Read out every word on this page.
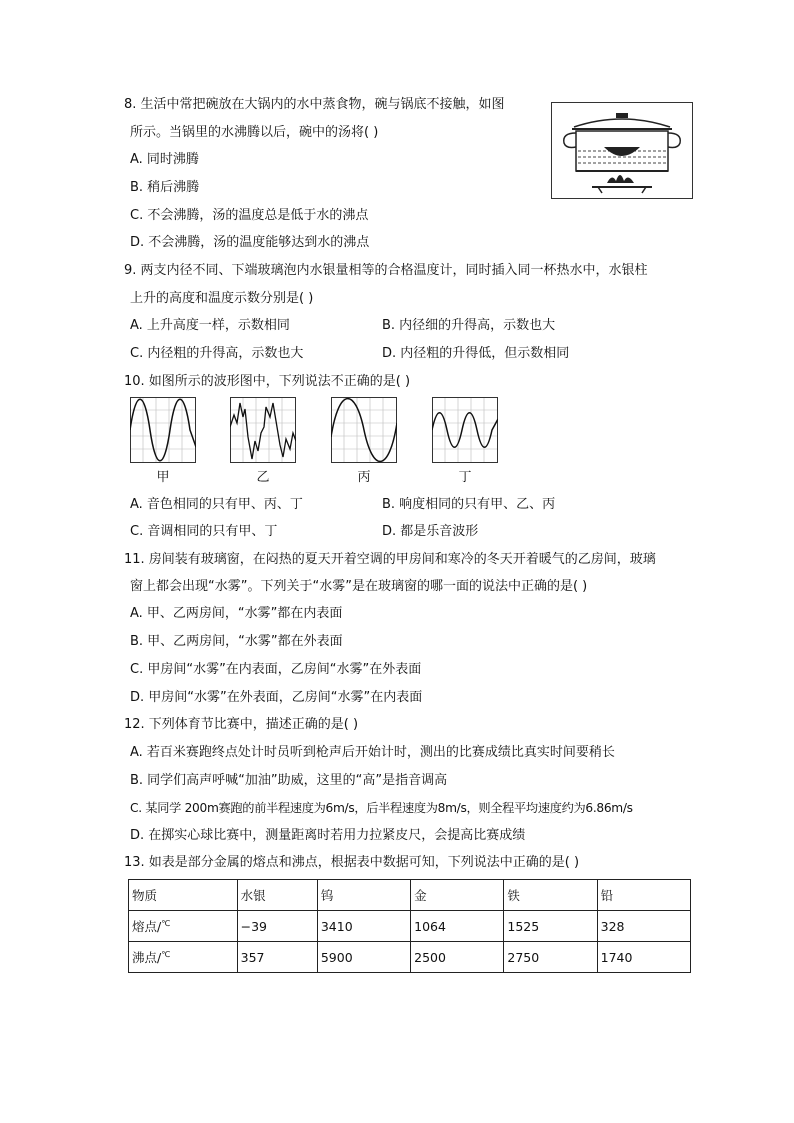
8. 生活中常把碗放在大锅内的水中蒸食物，碗与锅底不接触，如图
所示。当锅里的水沸腾以后，碗中的汤将( )
A. 同时沸腾
B. 稍后沸腾
C. 不会沸腾，汤的温度总是低于水的沸点
D. 不会沸腾，汤的温度能够达到水的沸点
9. 两支内径不同、下端玻璃泡内水银量相等的合格温度计，同时插入同一杯热水中，水银柱
上升的高度和温度示数分别是( )
A. 上升高度一样，示数相同	B. 内径细的升得高，示数也大
C. 内径粗的升得高，示数也大	D. 内径粗的升得低，但示数相同
10. 如图所示的波形图中，下列说法不正确的是( )
甲	乙	丙	丁
A. 音色相同的只有甲、丙、丁	B. 响度相同的只有甲、乙、丙
C. 音调相同的只有甲、丁	D. 都是乐音波形
11. 房间装有玻璃窗，在闷热的夏天开着空调的甲房间和寒冷的冬天开着暖气的乙房间，玻璃
窗上都会出现“水雾”。下列关于“水雾”是在玻璃窗的哪一面的说法中正确的是( )
A. 甲、乙两房间，“水雾”都在内表面
B. 甲、乙两房间，“水雾”都在外表面
C. 甲房间“水雾”在内表面，乙房间“水雾”在外表面
D. 甲房间“水雾”在外表面，乙房间“水雾”在内表面
12. 下列体育节比赛中，描述正确的是( )
A. 若百米赛跑终点处计时员听到枪声后开始计时，测出的比赛成绩比真实时间要稍长
B. 同学们高声呼喊“加油”助威，这里的“高”是指音调高
C. 某同学 200m赛跑的前半程速度为6m/s，后半程速度为8m/s，则全程平均速度约为6.86m/s
D. 在掷实心球比赛中，测量距离时若用力拉紧皮尺，会提高比赛成绩
13. 如表是部分金属的熔点和沸点，根据表中数据可知，下列说法中正确的是( )
物质	水银	钨	金	铁	铅
熔点/℃	−39	3410	1064	1525	328
沸点/℃	357	5900	2500	2750	1740
